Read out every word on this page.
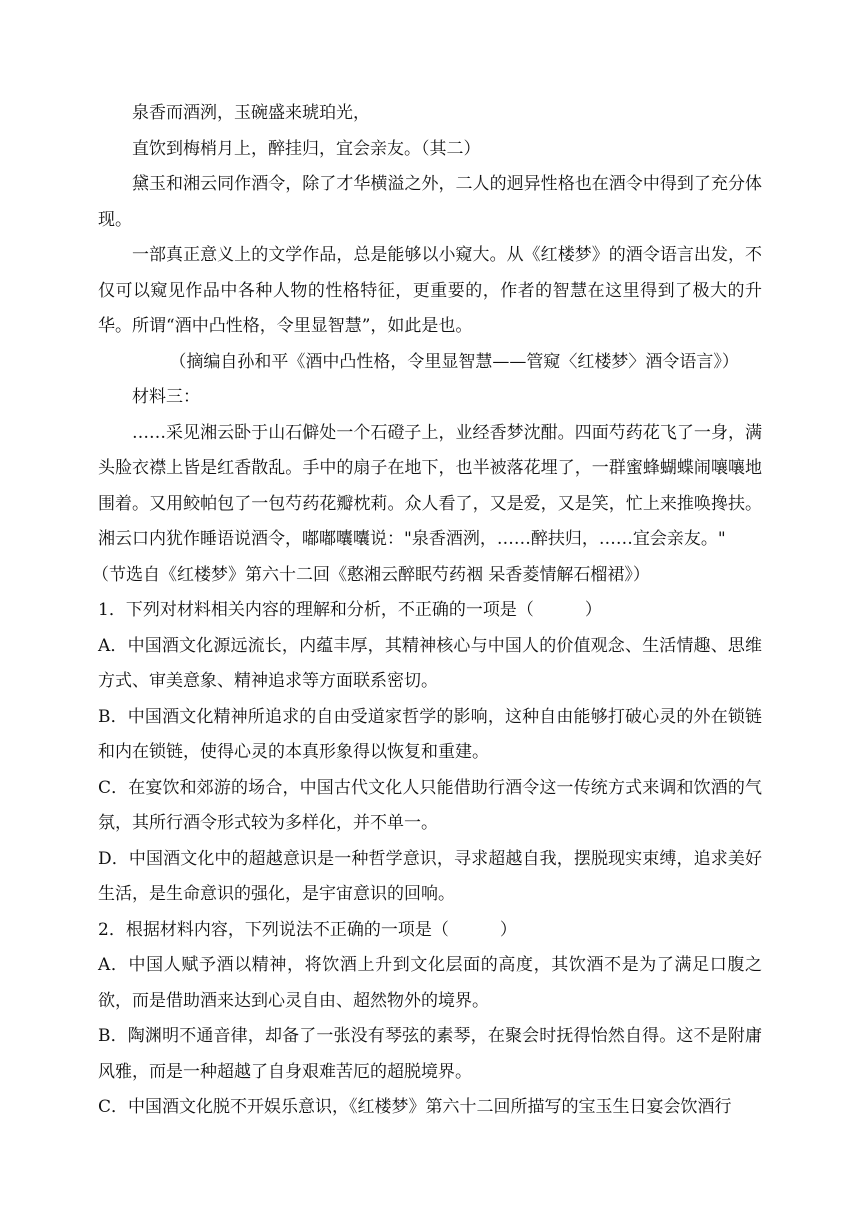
泉香而酒洌，玉碗盛来琥珀光，

直饮到梅梢月上，醉挂归，宜会亲友。（其二）

黛玉和湘云同作酒令，除了才华横溢之外，二人的迥异性格也在酒令中得到了充分体现。

一部真正意义上的文学作品，总是能够以小窥大。从《红楼梦》的酒令语言出发，不仅可以窥见作品中各种人物的性格特征，更重要的，作者的智慧在这里得到了极大的升华。所谓“酒中凸性格，令里显智慧”，如此是也。

（摘编自孙和平《酒中凸性格，令里显智慧——管窥〈红楼梦〉酒令语言》）

材料三：

……采见湘云卧于山石僻处一个石磴子上，业经香梦沈酣。四面芍药花飞了一身，满头脸衣襟上皆是红香散乱。手中的扇子在地下，也半被落花埋了，一群蜜蜂蝴蝶闹嚷嚷地围着。又用鲛帕包了一包芍药花瓣枕莉。众人看了，又是爱，又是笑，忙上来推唤搀扶。湘云口内犹作睡语说酒令，嘟嘟囔囔说："泉香酒洌，……醉扶归，……宜会亲友。"

（节选自《红楼梦》第六十二回《憨湘云醉眠芍药裀 呆香菱情解石榴裙》）

1．下列对材料相关内容的理解和分析，不正确的一项是（　　　）

A．中国酒文化源远流长，内蕴丰厚，其精神核心与中国人的价值观念、生活情趣、思维方式、审美意象、精神追求等方面联系密切。

B．中国酒文化精神所追求的自由受道家哲学的影响，这种自由能够打破心灵的外在锁链和内在锁链，使得心灵的本真形象得以恢复和重建。

C．在宴饮和郊游的场合，中国古代文化人只能借助行酒令这一传统方式来调和饮酒的气氛，其所行酒令形式较为多样化，并不单一。

D．中国酒文化中的超越意识是一种哲学意识，寻求超越自我，摆脱现实束缚，追求美好生活，是生命意识的强化，是宇宙意识的回响。

2．根据材料内容，下列说法不正确的一项是（　　　）

A．中国人赋予酒以精神，将饮酒上升到文化层面的高度，其饮酒不是为了满足口腹之欲，而是借助酒来达到心灵自由、超然物外的境界。

B．陶渊明不通音律，却备了一张没有琴弦的素琴，在聚会时抚得怡然自得。这不是附庸风雅，而是一种超越了自身艰难苦厄的超脱境界。

C．中国酒文化脱不开娱乐意识，《红楼梦》第六十二回所描写的宝玉生日宴会饮酒行
